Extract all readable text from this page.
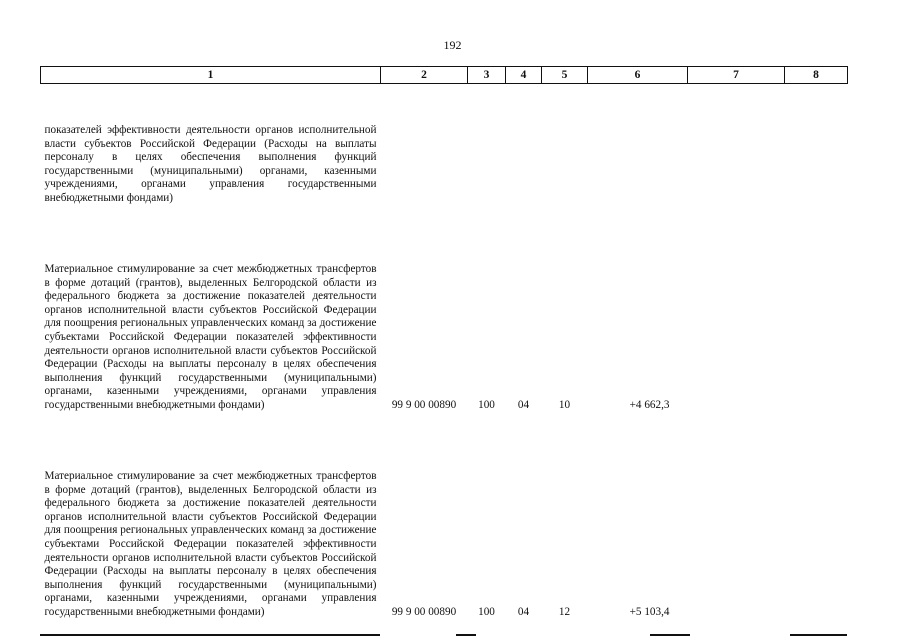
192
1	2	3	4	5	6	7	8
показателей эффективности деятельности органов исполнительной власти субъектов Российской Федерации (Расходы на выплаты персоналу в целях обеспечения выполнения функций государственными (муниципальными) органами, казенными учреждениями, органами управления государственными внебюджетными фондами)							
Материальное стимулирование за счет межбюджетных трансфертов в форме дотаций (грантов), выделенных Белгородской области из федерального бюджета за достижение показателей деятельности органов исполнительной власти субъектов Российской Федерации для поощрения региональных управленческих команд за достижение субъектами Российской Федерации показателей эффективности деятельности органов исполнительной власти субъектов Российской Федерации (Расходы на выплаты персоналу в целях обеспечения выполнения функций государственными (муниципальными) органами, казенными учреждениями, органами управления государственными внебюджетными фондами)	99 9 00 00890	100	04	10	+4 662,3		
Материальное стимулирование за счет межбюджетных трансфертов в форме дотаций (грантов), выделенных Белгородской области из федерального бюджета за достижение показателей деятельности органов исполнительной власти субъектов Российской Федерации для поощрения региональных управленческих команд за достижение субъектами Российской Федерации показателей эффективности деятельности органов исполнительной власти субъектов Российской Федерации (Расходы на выплаты персоналу в целях обеспечения выполнения функций государственными (муниципальными) органами, казенными учреждениями, органами управления государственными внебюджетными фондами)	99 9 00 00890	100	04	12	+5 103,4		
